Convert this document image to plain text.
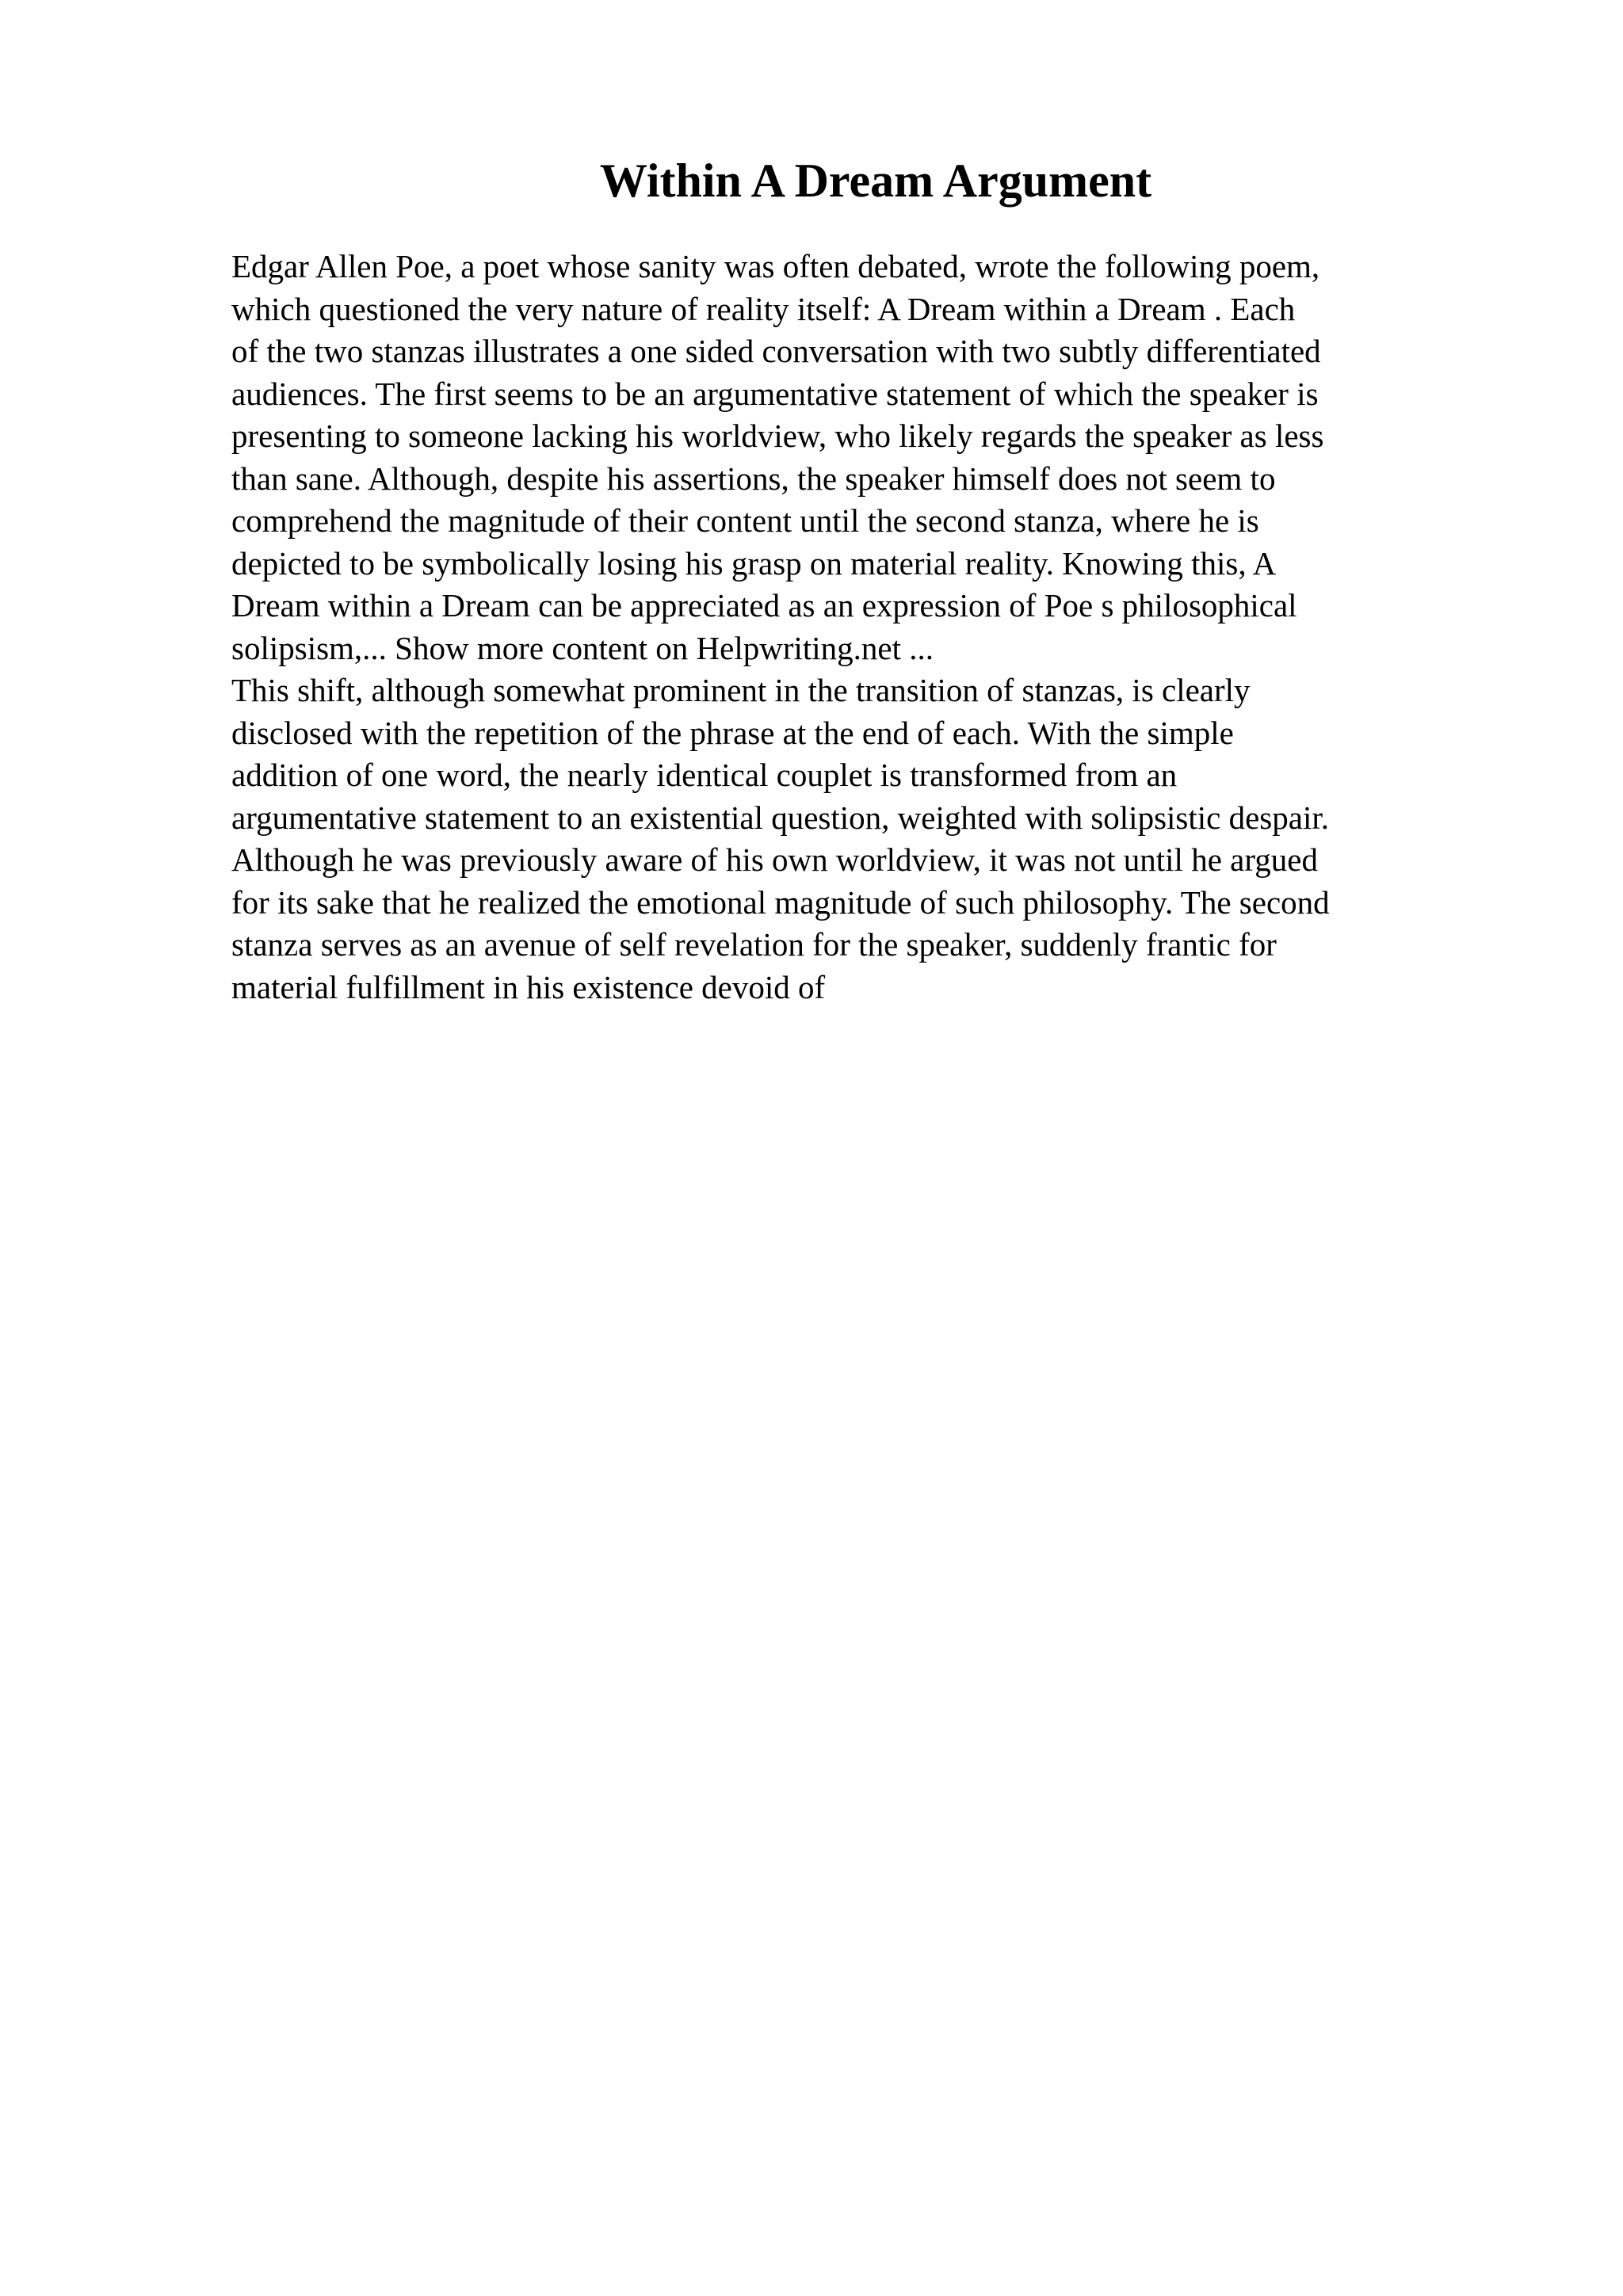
Within A Dream Argument
Edgar Allen Poe, a poet whose sanity was often debated, wrote the following poem,
which questioned the very nature of reality itself: A Dream within a Dream . Each
of the two stanzas illustrates a one sided conversation with two subtly differentiated
audiences. The first seems to be an argumentative statement of which the speaker is
presenting to someone lacking his worldview, who likely regards the speaker as less
than sane. Although, despite his assertions, the speaker himself does not seem to
comprehend the magnitude of their content until the second stanza, where he is
depicted to be symbolically losing his grasp on material reality. Knowing this, A
Dream within a Dream can be appreciated as an expression of Poe s philosophical
solipsism,... Show more content on Helpwriting.net ...
This shift, although somewhat prominent in the transition of stanzas, is clearly
disclosed with the repetition of the phrase at the end of each. With the simple
addition of one word, the nearly identical couplet is transformed from an
argumentative statement to an existential question, weighted with solipsistic despair.
Although he was previously aware of his own worldview, it was not until he argued
for its sake that he realized the emotional magnitude of such philosophy. The second
stanza serves as an avenue of self revelation for the speaker, suddenly frantic for
material fulfillment in his existence devoid of
